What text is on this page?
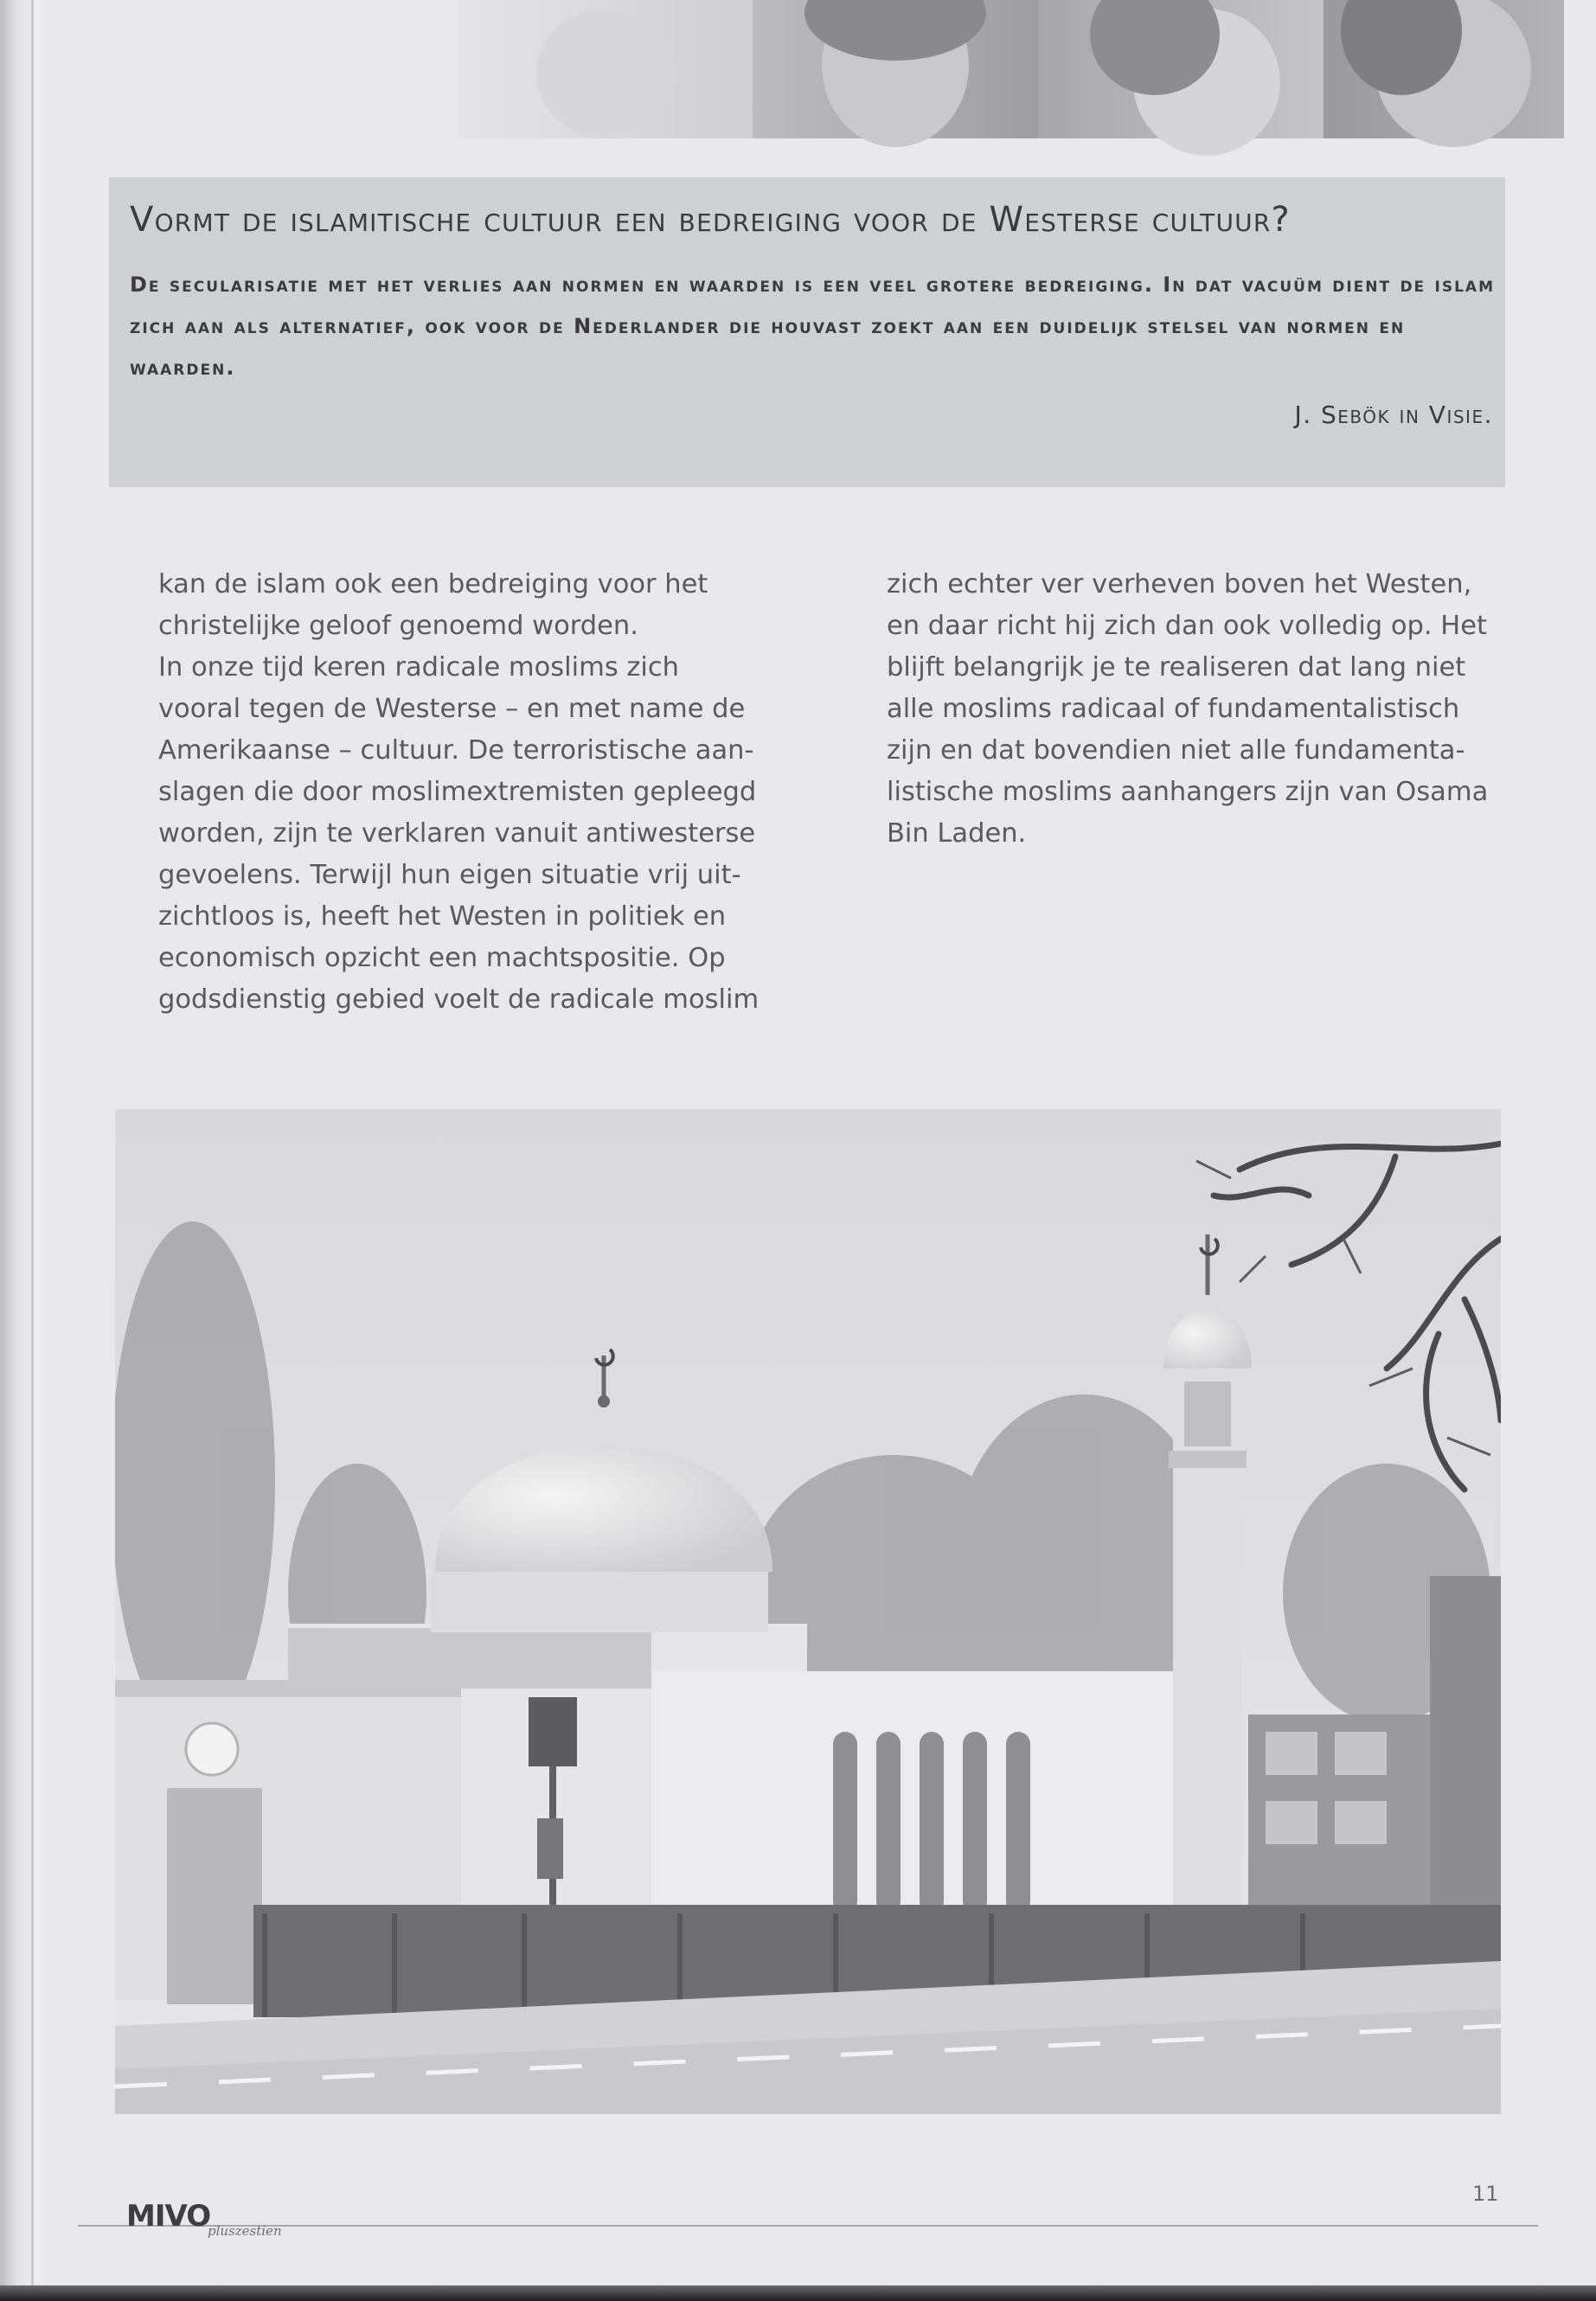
Vormt de islamitische cultuur een bedreiging voor de Westerse cultuur?
De secularisatie met het verlies aan normen en waarden is een veel grotere bedreiging. In dat vacuüm dient de islam zich aan als alternatief, ook voor de Nederlander die houvast zoekt aan een duidelijk stelsel van normen en waarden.
J. Sebök in Visie.
kan de islam ook een bedreiging voor het
christelijke geloof genoemd worden.
In onze tijd keren radicale moslims zich
vooral tegen de Westerse – en met name de
Amerikaanse – cultuur. De terroristische aan-
slagen die door moslimextremisten gepleegd
worden, zijn te verklaren vanuit antiwesterse
gevoelens. Terwijl hun eigen situatie vrij uit-
zichtloos is, heeft het Westen in politiek en
economisch opzicht een machtspositie. Op
godsdienstig gebied voelt de radicale moslim
zich echter ver verheven boven het Westen,
en daar richt hij zich dan ook volledig op. Het
blijft belangrijk je te realiseren dat lang niet
alle moslims radicaal of fundamentalistisch
zijn en dat bovendien niet alle fundamenta-
listische moslims aanhangers zijn van Osama
Bin Laden.
MIVO
pluszestien
11
